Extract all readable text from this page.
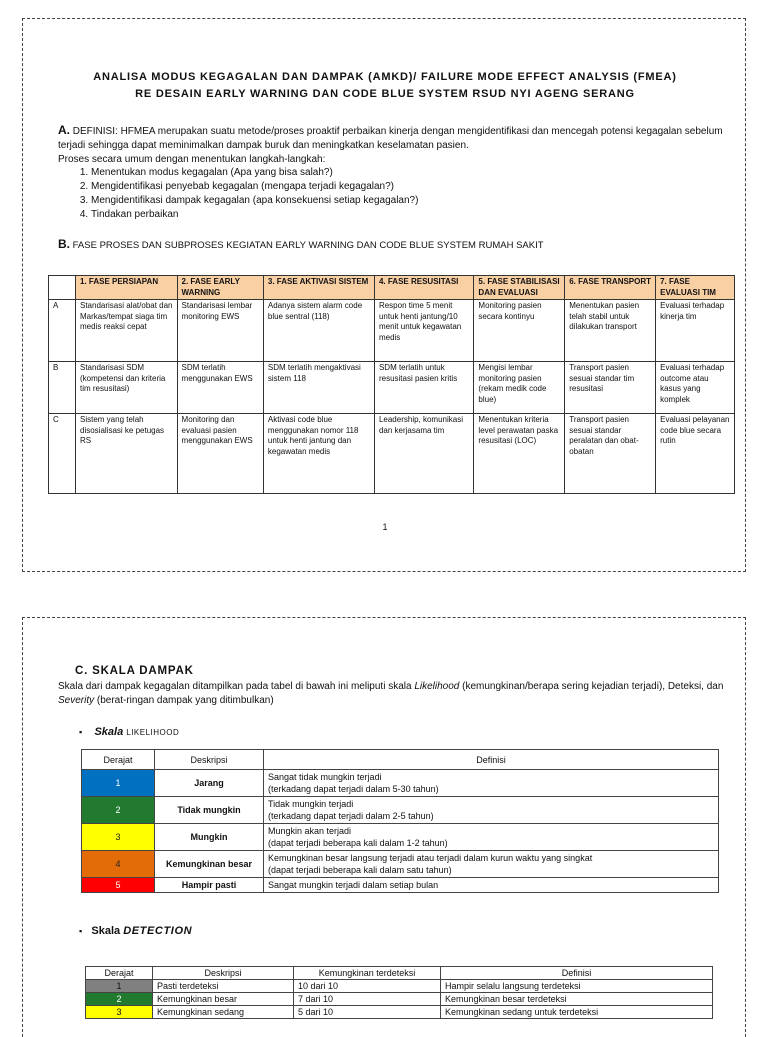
ANALISA MODUS KEGAGALAN DAN DAMPAK (AMKD)/ FAILURE MODE EFFECT ANALYSIS (FMEA)
RE DESAIN EARLY WARNING DAN CODE BLUE SYSTEM RSUD NYI AGENG SERANG
A. DEFINISI: HFMEA merupakan suatu metode/proses proaktif perbaikan kinerja dengan mengidentifikasi dan mencegah potensi kegagalan sebelum terjadi sehingga dapat meminimalkan dampak buruk dan meningkatkan keselamatan pasien.
Proses secara umum dengan menentukan langkah-langkah:
1. Menentukan modus kegagalan (Apa yang bisa salah?)
2. Mengidentifikasi penyebab kegagalan (mengapa terjadi kegagalan?)
3. Mengidentifikasi dampak kegagalan (apa konsekuensi setiap kegagalan?)
4. Tindakan perbaikan
B. FASE PROSES DAN SUBPROSES KEGIATAN EARLY WARNING DAN CODE BLUE SYSTEM RUMAH SAKIT
	1. FASE PERSIAPAN	2. FASE EARLY WARNING	3. FASE AKTIVASI SISTEM	4. FASE RESUSITASI	5. FASE STABILISASI DAN EVALUASI	6. FASE TRANSPORT	7. FASE EVALUASI TIM
A	Standarisasi alat/obat dan Markas/tempat siaga tim medis reaksi cepat	Standarisasi lembar monitoring EWS	Adanya sistem alarm code blue sentral (118)	Respon time 5 menit untuk henti jantung/10 menit untuk kegawatan medis	Monitoring pasien secara kontinyu	Menentukan pasien telah stabil untuk dilakukan transport	Evaluasi terhadap kinerja tim
B	Standarisasi SDM (kompetensi dan kriteria tim resusitasi)	SDM terlatih menggunakan EWS	SDM terlatih mengaktivasi sistem 118	SDM terlatih untuk resusitasi pasien kritis	Mengisi lembar monitoring pasien (rekam medik code blue)	Transport pasien sesuai standar tim resusitasi	Evaluasi terhadap outcome atau kasus yang komplek
C	Sistem yang telah disosialisasi ke petugas RS	Monitoring dan evaluasi pasien menggunakan EWS	Aktivasi code blue menggunakan nomor 118 untuk henti jantung dan kegawatan medis	Leadership, komunikasi dan kerjasama tim	Menentukan kriteria level perawatan paska resusitasi (LOC)	Transport pasien sesuai standar peralatan dan obat-obatan	Evaluasi pelayanan code blue secara rutin
1
C. SKALA DAMPAK
Skala dari dampak kegagalan ditampilkan pada tabel di bawah ini meliputi skala Likelihood (kemungkinan/berapa sering kejadian terjadi), Deteksi, dan Severity (berat-ringan dampak yang ditimbulkan)
▪ Skala LIKELIHOOD
Derajat	Deskripsi	Definisi
1	Jarang	Sangat tidak mungkin terjadi
(terkadang dapat terjadi dalam 5-30 tahun)
2	Tidak mungkin	Tidak mungkin terjadi
(terkadang dapat terjadi dalam 2-5 tahun)
3	Mungkin	Mungkin akan terjadi
(dapat terjadi beberapa kali dalam 1-2 tahun)
4	Kemungkinan besar	Kemungkinan besar langsung terjadi atau terjadi dalam kurun waktu yang singkat
(dapat terjadi beberapa kali dalam satu tahun)
5	Hampir pasti	Sangat mungkin terjadi dalam setiap bulan
▪ Skala DETECTION
Derajat	Deskripsi	Kemungkinan terdeteksi	Definisi
1	Pasti terdeteksi	10 dari 10	Hampir selalu langsung terdeteksi
2	Kemungkinan besar	7 dari 10	Kemungkinan besar terdeteksi
3	Kemungkinan sedang	5 dari 10	Kemungkinan sedang untuk terdeteksi
